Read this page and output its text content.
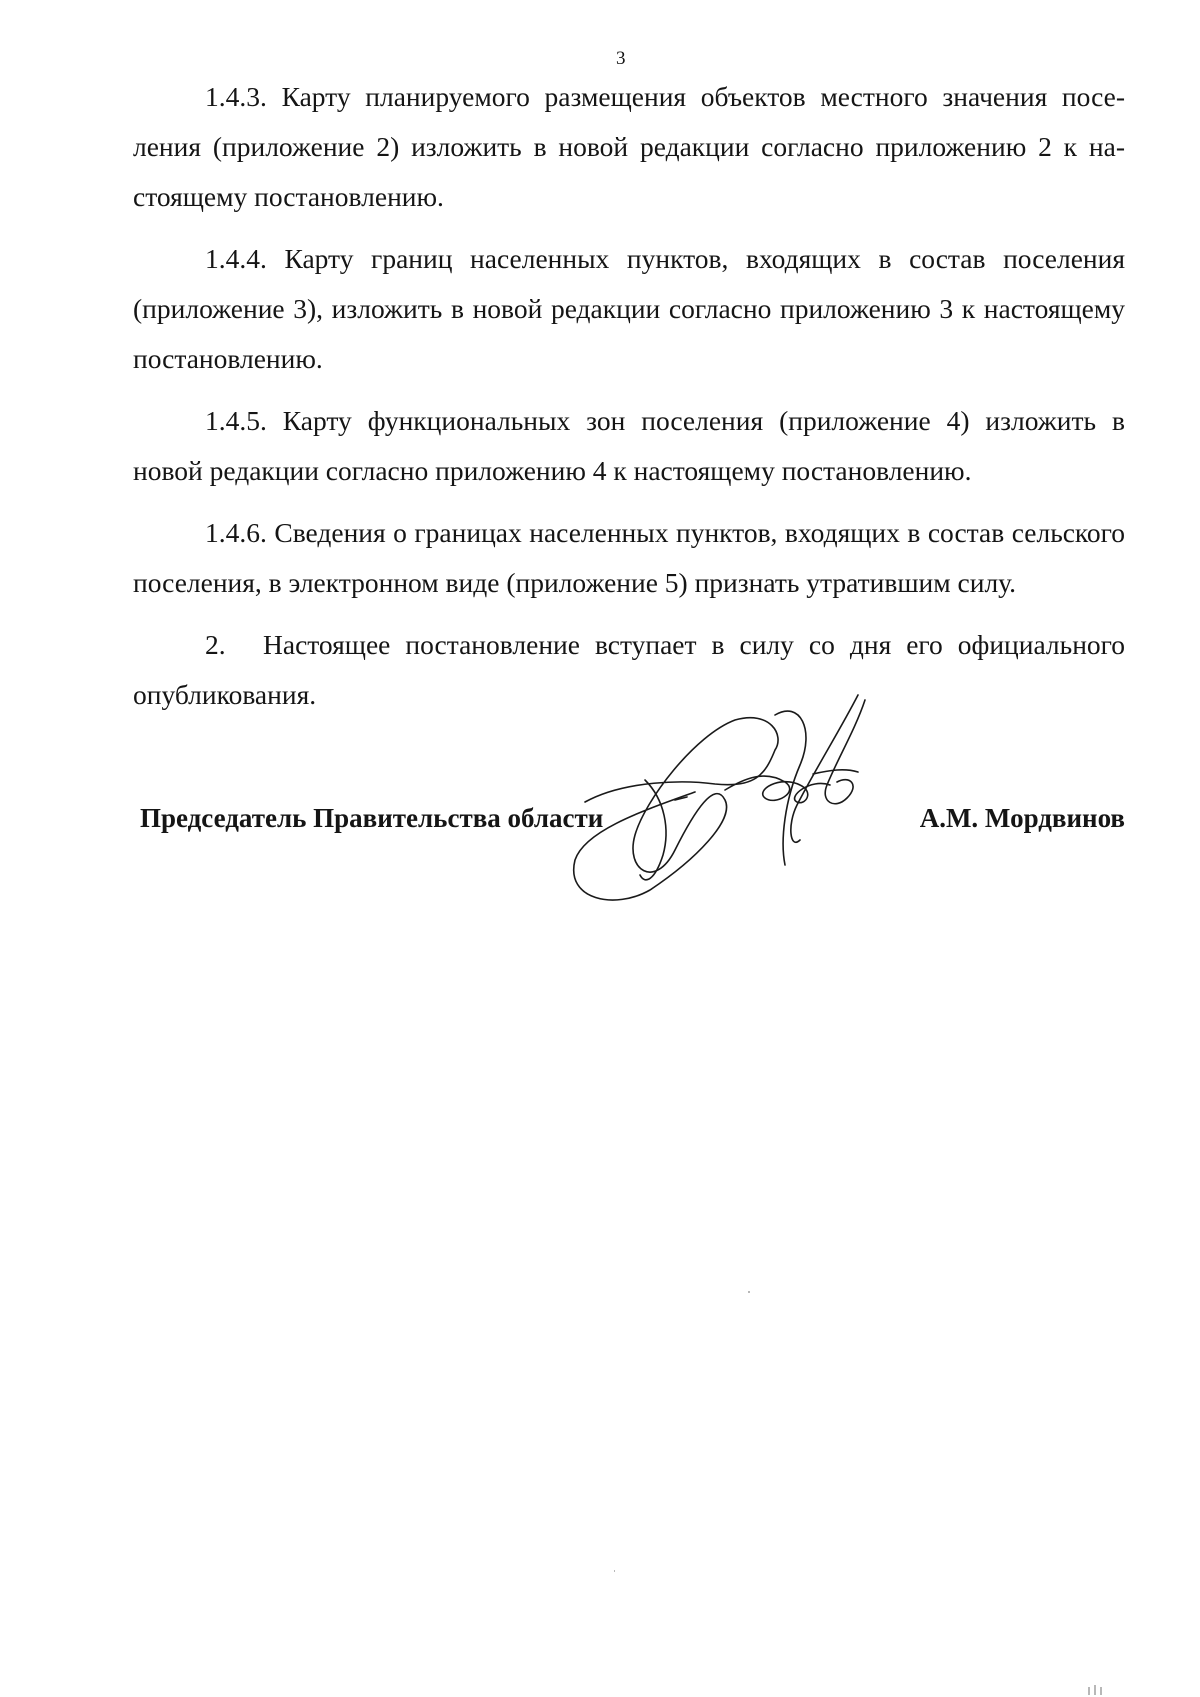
3

1.4.3. Карту планируемого размещения объектов местного значения поселения (приложение 2) изложить в новой редакции согласно приложению 2 к настоящему постановлению.

1.4.4. Карту границ населенных пунктов, входящих в состав поселения (приложение 3), изложить в новой редакции согласно приложению 3 к настоящему постановлению.

1.4.5. Карту функциональных зон поселения (приложение 4) изложить в новой редакции согласно приложению 4 к настоящему постановлению.

1.4.6. Сведения о границах населенных пунктов, входящих в состав сельского поселения, в электронном виде (приложение 5) признать утратившим силу.

2. Настоящее постановление вступает в силу со дня его официального опубликования.

Председатель Правительства области	А.М. Мордвинов
